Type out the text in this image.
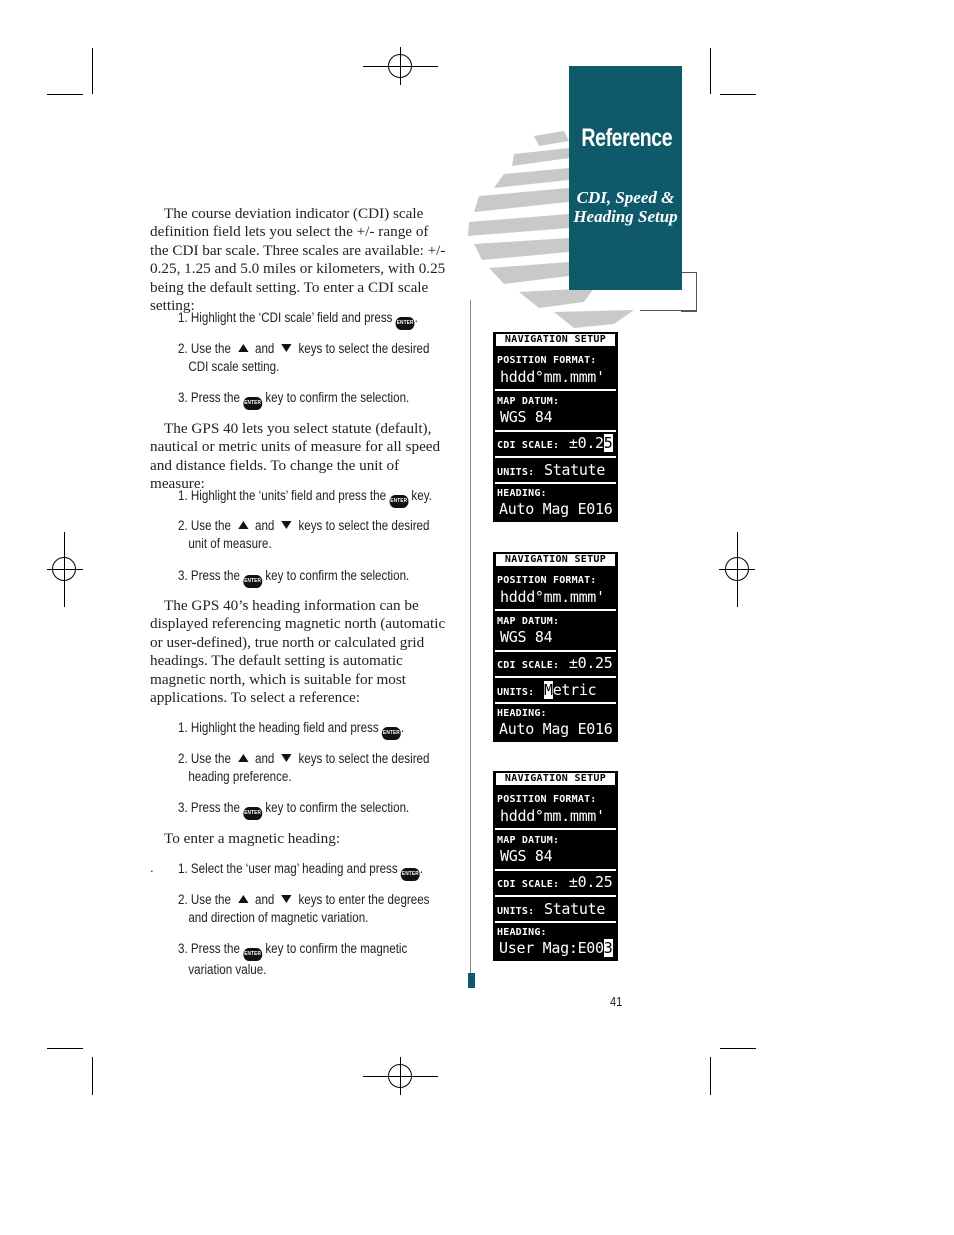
Reference
CDI, Speed &
Heading Setup
The course deviation indicator (CDI) scale definition field lets you select the +/- range of the CDI bar scale. Three scales are available: +/- 0.25, 1.25 and 5.0 miles or kilometers, with 0.25 being the default setting. To enter a CDI scale setting:
1. Highlight the ‘CDI scale’ field and press ENTER.
2. Use the and keys to select the desired
CDI scale setting.
3. Press the ENTER key to confirm the selection.
The GPS 40 lets you select statute (default), nautical or metric units of measure for all speed and distance fields. To change the unit of measure:
1. Highlight the ‘units’ field and press the ENTER key.
2. Use the and keys to select the desired
unit of measure.
3. Press the ENTER key to confirm the selection.
The GPS 40’s heading information can be displayed referencing magnetic north (automatic or user-defined), true north or calculated grid headings. The default setting is automatic magnetic north, which is suitable for most applications. To select a reference:
1. Highlight the heading field and press ENTER.
2. Use the and keys to select the desired
heading preference.
3. Press the ENTER key to confirm the selection.
To enter a magnetic heading:
. 1. Select the ‘user mag’ heading and press ENTER.
2. Use the and keys to enter the degrees
and direction of magnetic variation.
3. Press the ENTER key to confirm the magnetic
variation value.
NAVIGATION SETUP
POSITION FORMAT:
hddd°mm.mmm'
MAP DATUM:
WGS 84
CDI SCALE: ±0.25
UNITS: Statute
HEADING:
Auto Mag E016
NAVIGATION SETUP
POSITION FORMAT:
hddd°mm.mmm'
MAP DATUM:
WGS 84
CDI SCALE: ±0.25
UNITS: Metric
HEADING:
Auto Mag E016
NAVIGATION SETUP
POSITION FORMAT:
hddd°mm.mmm'
MAP DATUM:
WGS 84
CDI SCALE: ±0.25
UNITS: Statute
HEADING:
User Mag:E003
41
